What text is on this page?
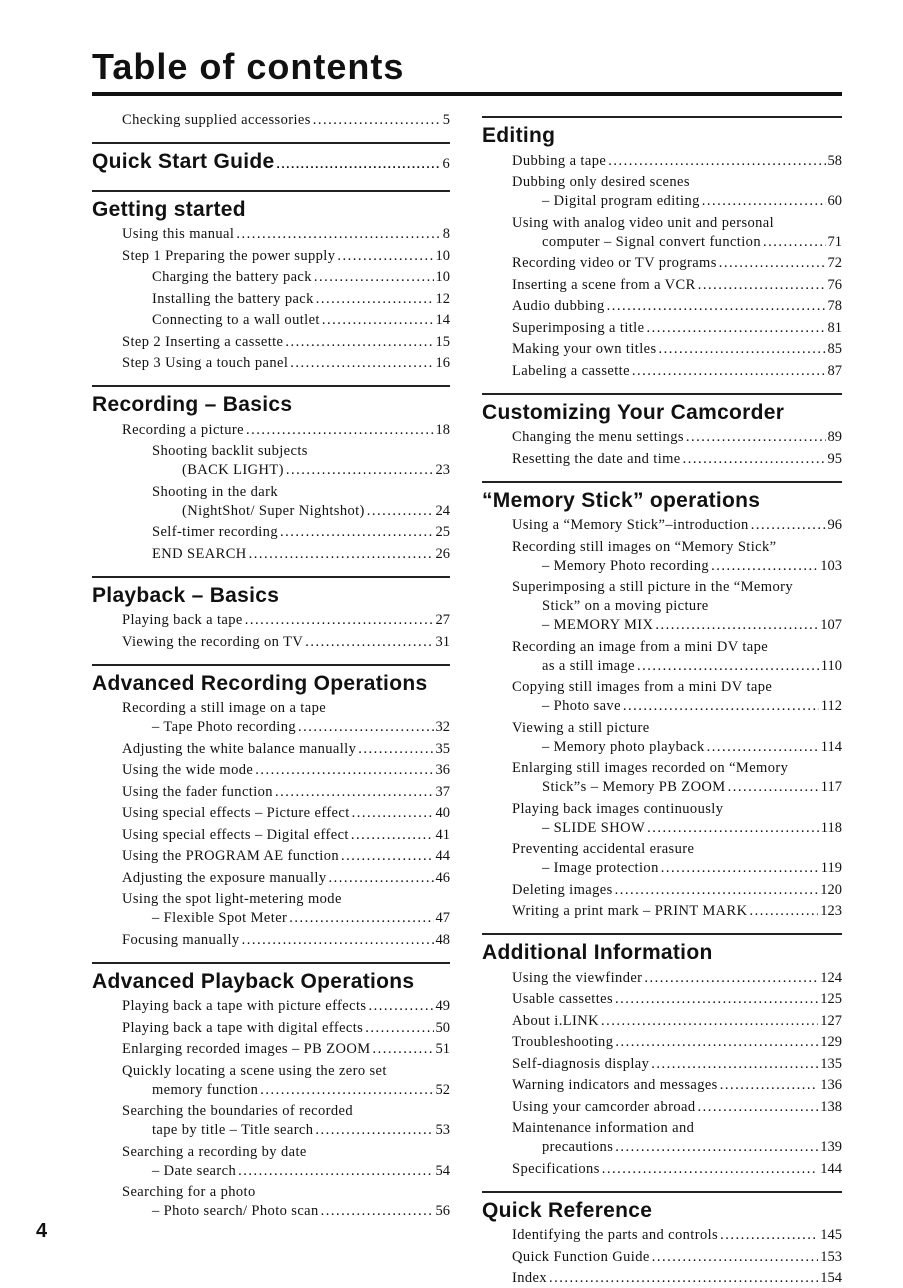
Table of contents
Checking supplied accessories .....	5
Quick Start Guide .....	6
Getting started
Using this manual .....	8
Step 1 Preparing the power supply .....	10
Charging the battery pack .....	10
Installing the battery pack .....	12
Connecting to a wall outlet .....	14
Step 2 Inserting a cassette .....	15
Step 3 Using a touch panel .....	16
Recording – Basics
Recording a picture .....	18
Shooting backlit subjects
(BACK LIGHT) .....	23
Shooting in the dark
(NightShot/ Super Nightshot) .....	24
Self-timer recording .....	25
END SEARCH .....	26
Playback – Basics
Playing back a tape .....	27
Viewing the recording on TV .....	31
Advanced Recording Operations
Recording a still image on a tape
– Tape Photo recording .....	32
Adjusting the white balance manually .....	35
Using the wide mode .....	36
Using the fader function .....	37
Using special effects – Picture effect .....	40
Using special effects – Digital effect .....	41
Using the PROGRAM AE function .....	44
Adjusting the exposure manually .....	46
Using the spot light-metering mode
– Flexible Spot Meter .....	47
Focusing manually .....	48
Advanced Playback Operations
Playing back a tape with picture effects .....	49
Playing back a tape with digital effects .....	50
Enlarging recorded images – PB ZOOM .....	51
Quickly locating a scene using the zero set
memory function .....	52
Searching the boundaries of recorded
tape by title – Title search .....	53
Searching a recording by date
– Date search .....	54
Searching for a photo
– Photo search/ Photo scan .....	56
Editing
Dubbing a tape .....	58
Dubbing only desired scenes
– Digital program editing .....	60
Using with analog video unit and personal
computer – Signal convert function .....	71
Recording video or TV programs .....	72
Inserting a scene from a VCR .....	76
Audio dubbing .....	78
Superimposing a title .....	81
Making your own titles .....	85
Labeling a cassette .....	87
Customizing Your Camcorder
Changing the menu settings .....	89
Resetting the date and time .....	95
“Memory Stick” operations
Using a “Memory Stick”–introduction .....	96
Recording still images on “Memory Stick”
– Memory Photo recording .....	103
Superimposing a still picture in the “Memory
Stick” on a moving picture
– MEMORY MIX .....	107
Recording an image from a mini DV tape
as a still image .....	110
Copying still images from a mini DV tape
– Photo save .....	112
Viewing a still picture
– Memory photo playback .....	114
Enlarging still images recorded on “Memory
Stick”s – Memory PB ZOOM .....	117
Playing back images continuously
– SLIDE SHOW .....	118
Preventing accidental erasure
– Image protection .....	119
Deleting images .....	120
Writing a print mark – PRINT MARK .....	123
Additional Information
Using the viewfinder .....	124
Usable cassettes .....	125
About i.LINK .....	127
Troubleshooting .....	129
Self-diagnosis display .....	135
Warning indicators and messages .....	136
Using your camcorder abroad .....	138
Maintenance information and
precautions .....	139
Specifications .....	144
Quick Reference
Identifying the parts and controls .....	145
Quick Function Guide .....	153
Index .....	154

4
